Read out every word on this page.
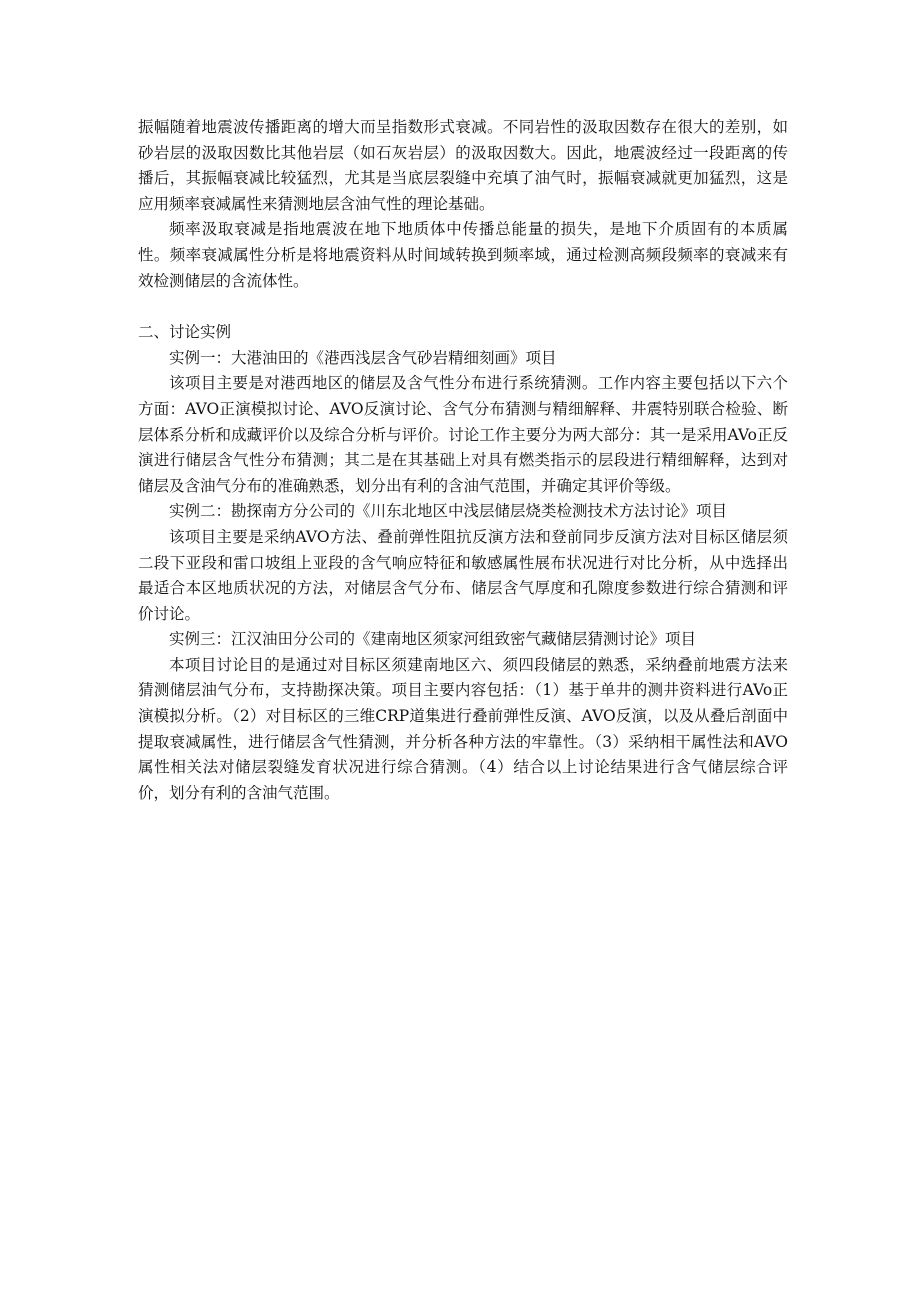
振幅随着地震波传播距离的增大而呈指数形式衰减。不同岩性的汲取因数存在很大的差别，如砂岩层的汲取因数比其他岩层（如石灰岩层）的汲取因数大。因此，地震波经过一段距离的传播后，其振幅衰减比较猛烈，尤其是当底层裂缝中充填了油气时，振幅衰减就更加猛烈，这是应用频率衰减属性来猜测地层含油气性的理论基础。

频率汲取衰减是指地震波在地下地质体中传播总能量的损失，是地下介质固有的本质属性。频率衰减属性分析是将地震资料从时间域转换到频率域，通过检测高频段频率的衰减来有效检测储层的含流体性。

二、讨论实例

实例一：大港油田的《港西浅层含气砂岩精细刻画》项目

该项目主要是对港西地区的储层及含气性分布进行系统猜测。工作内容主要包括以下六个方面：AVO正演模拟讨论、AVO反演讨论、含气分布猜测与精细解释、井震特别联合检验、断层体系分析和成藏评价以及综合分析与评价。讨论工作主要分为两大部分：其一是采用AVo正反演进行储层含气性分布猜测；其二是在其基础上对具有燃类指示的层段进行精细解释，达到对储层及含油气分布的准确熟悉，划分出有利的含油气范围，并确定其评价等级。

实例二：勘探南方分公司的《川东北地区中浅层储层烧类检测技术方法讨论》项目

该项目主要是采纳AVO方法、叠前弹性阻抗反演方法和登前同步反演方法对目标区储层须二段下亚段和雷口坡组上亚段的含气响应特征和敏感属性展布状况进行对比分析，从中选择出最适合本区地质状况的方法，对储层含气分布、储层含气厚度和孔隙度参数进行综合猜测和评价讨论。

实例三：江汉油田分公司的《建南地区须家河组致密气藏储层猜测讨论》项目

本项目讨论目的是通过对目标区须建南地区六、须四段储层的熟悉，采纳叠前地震方法来猜测储层油气分布，支持勘探决策。项目主要内容包括：（1）基于单井的测井资料进行AVo正演模拟分析。（2）对目标区的三维CRP道集进行叠前弹性反演、AVO反演，以及从叠后剖面中提取衰减属性，进行储层含气性猜测，并分析各种方法的牢靠性。（3）采纳相干属性法和AVO属性相关法对储层裂缝发育状况进行综合猜测。（4）结合以上讨论结果进行含气储层综合评价，划分有利的含油气范围。
